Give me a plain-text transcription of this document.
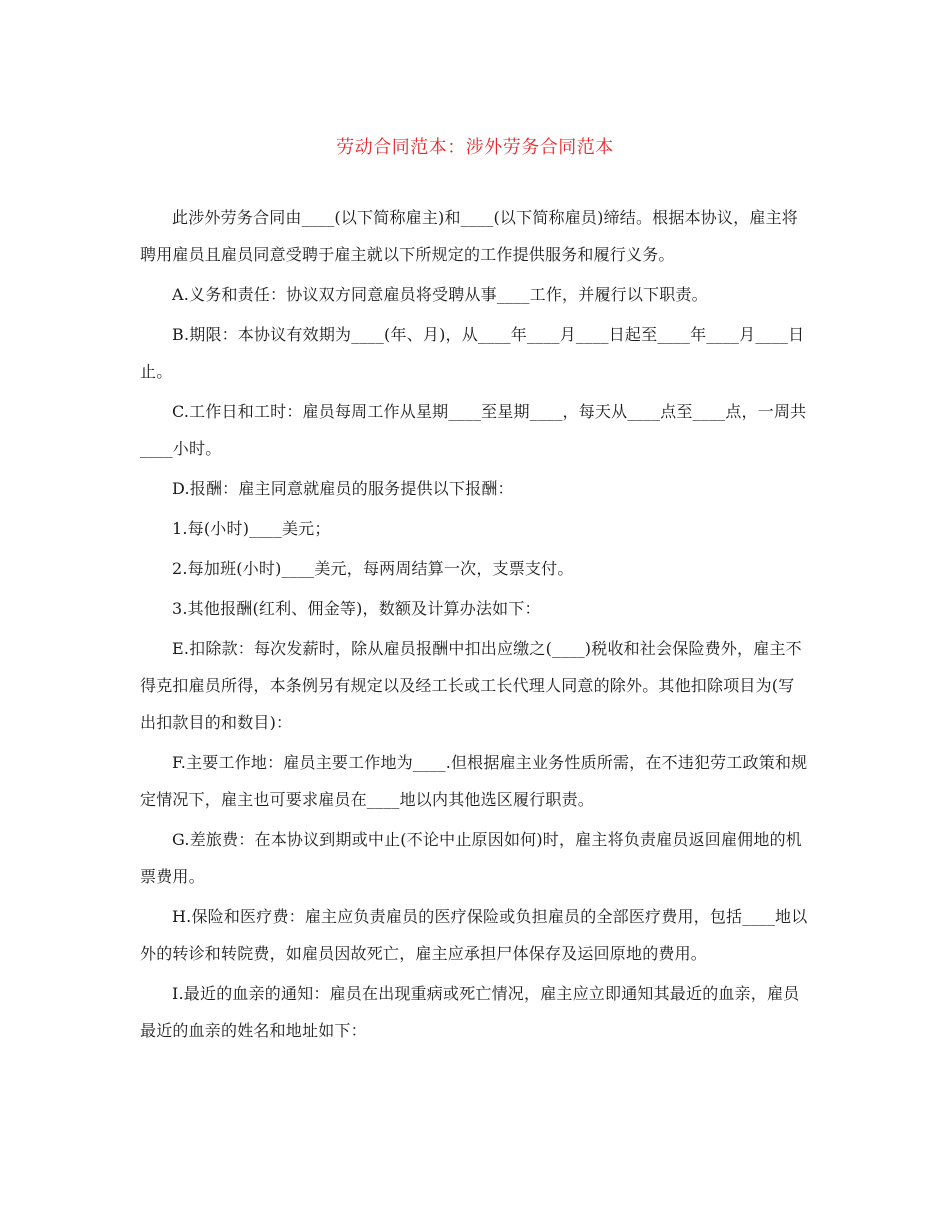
劳动合同范本：涉外劳务合同范本

此涉外劳务合同由____(以下简称雇主)和____(以下简称雇员)缔结。根据本协议，雇主将聘用雇员且雇员同意受聘于雇主就以下所规定的工作提供服务和履行义务。

A.义务和责任：协议双方同意雇员将受聘从事____工作，并履行以下职责。

B.期限：本协议有效期为____(年、月)，从____年____月____日起至____年____月____日止。

C.工作日和工时：雇员每周工作从星期____至星期____，每天从____点至____点，一周共____小时。

D.报酬：雇主同意就雇员的服务提供以下报酬：

1.每(小时)____美元；

2.每加班(小时)____美元，每两周结算一次，支票支付。

3.其他报酬(红利、佣金等)，数额及计算办法如下：

E.扣除款：每次发薪时，除从雇员报酬中扣出应缴之(____)税收和社会保险费外，雇主不得克扣雇员所得，本条例另有规定以及经工长或工长代理人同意的除外。其他扣除项目为(写出扣款目的和数目)：

F.主要工作地：雇员主要工作地为____.但根据雇主业务性质所需，在不违犯劳工政策和规定情况下，雇主也可要求雇员在____地以内其他选区履行职责。

G.差旅费：在本协议到期或中止(不论中止原因如何)时，雇主将负责雇员返回雇佣地的机票费用。

H.保险和医疗费：雇主应负责雇员的医疗保险或负担雇员的全部医疗费用，包括____地以外的转诊和转院费，如雇员因故死亡，雇主应承担尸体保存及运回原地的费用。

I.最近的血亲的通知：雇员在出现重病或死亡情况，雇主应立即通知其最近的血亲，雇员最近的血亲的姓名和地址如下：
